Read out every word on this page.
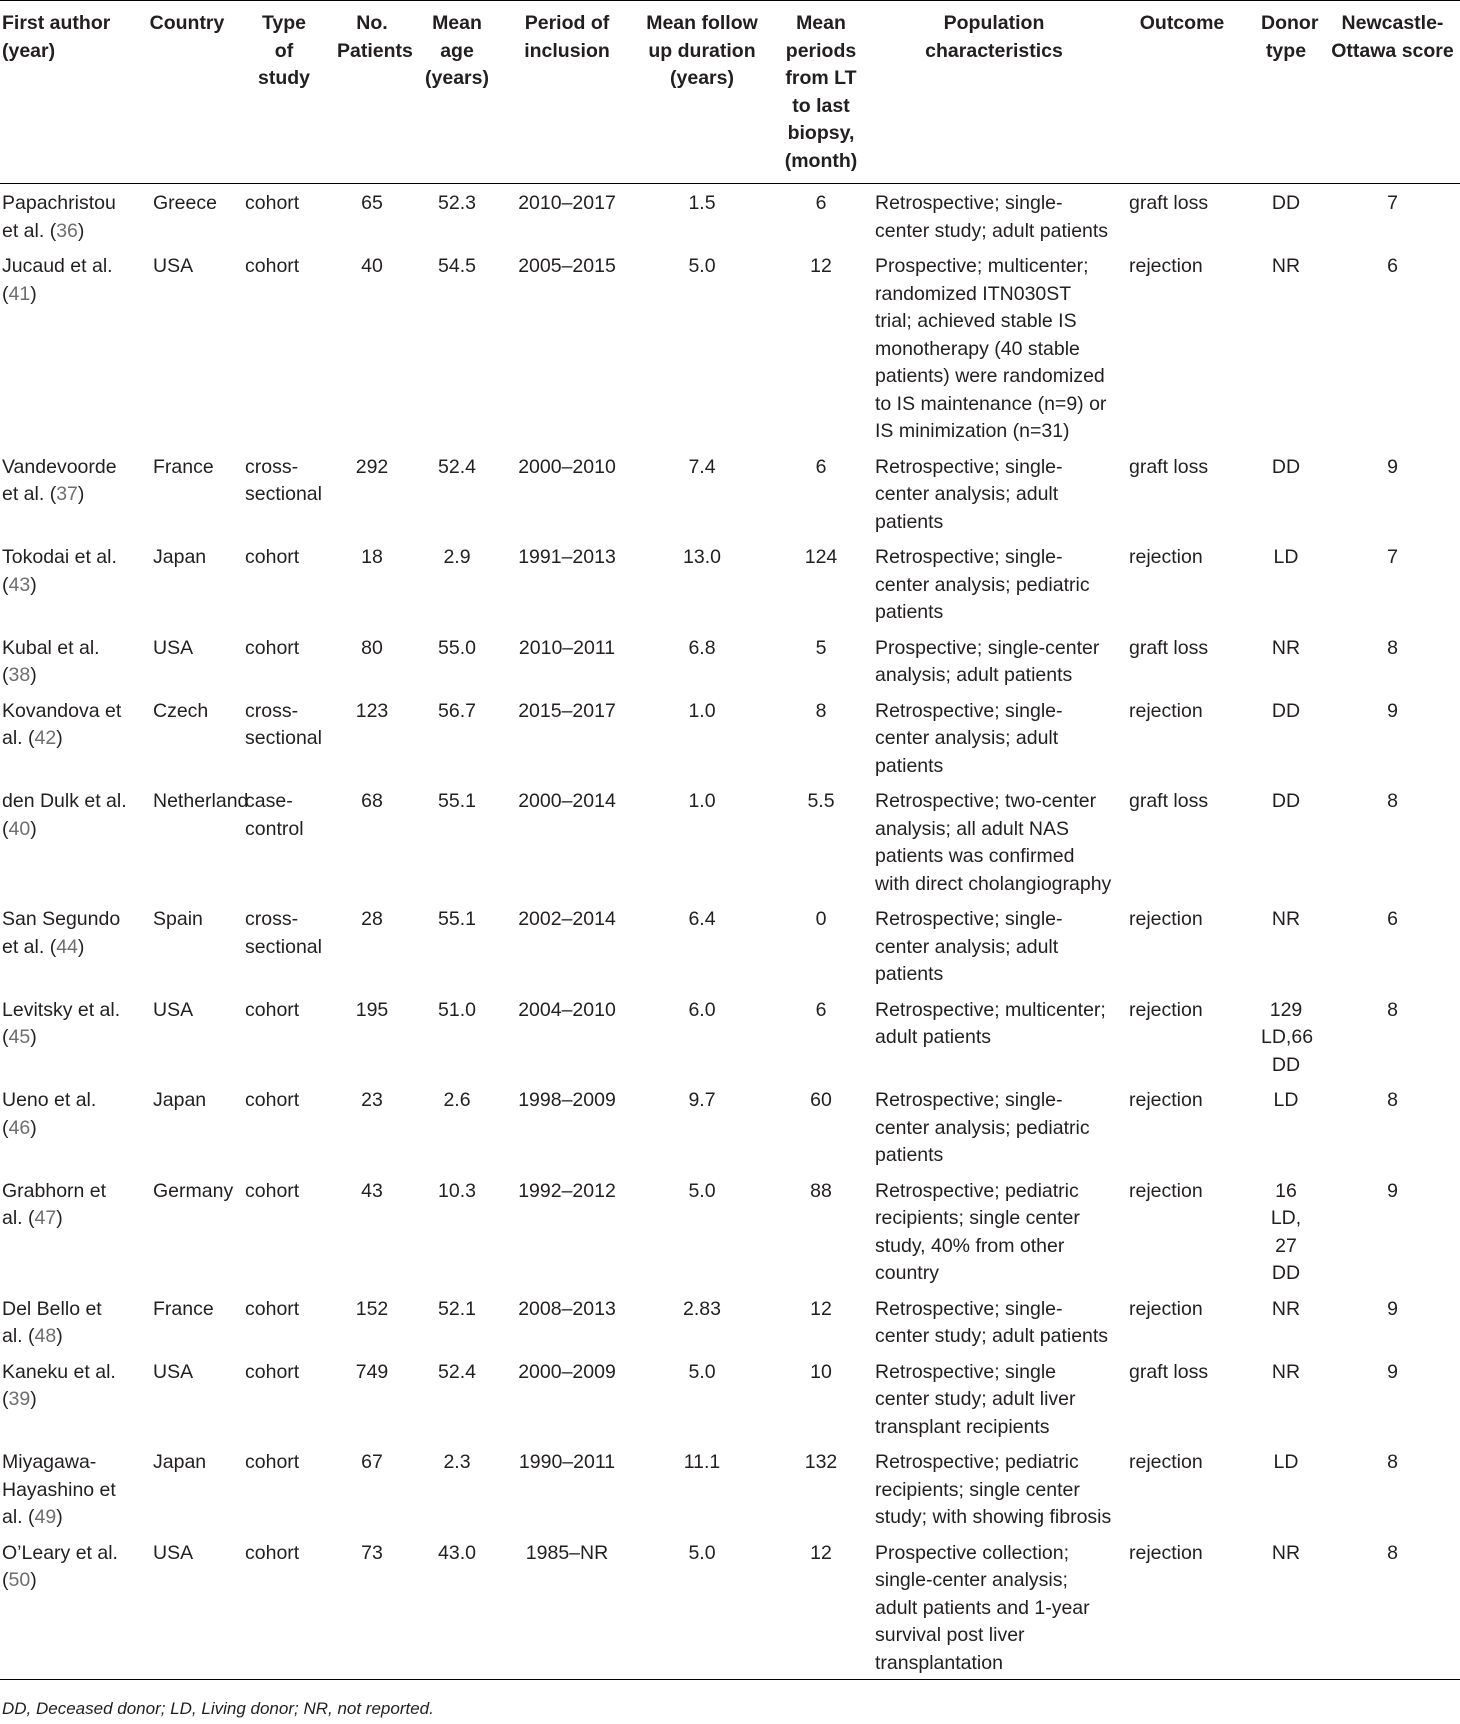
First author (year)	Country	Type of study	No. Patients	Mean age (years)	Period of inclusion	Mean follow up duration (years)	Mean periods from LT to last biopsy, (month)	Population characteristics	Outcome	Donor type	Newcastle-Ottawa score
Papachristou et al. (36)	Greece	cohort	65	52.3	2010–2017	1.5	6	Retrospective; single-center study; adult patients	graft loss	DD	7
Jucaud et al. (41)	USA	cohort	40	54.5	2005–2015	5.0	12	Prospective; multicenter; randomized ITN030ST trial; achieved stable IS monotherapy (40 stable patients) were randomized to IS maintenance (n=9) or IS minimization (n=31)	rejection	NR	6
Vandevoorde et al. (37)	France	cross-sectional	292	52.4	2000–2010	7.4	6	Retrospective; single-center analysis; adult patients	graft loss	DD	9
Tokodai et al. (43)	Japan	cohort	18	2.9	1991–2013	13.0	124	Retrospective; single-center analysis; pediatric patients	rejection	LD	7
Kubal et al. (38)	USA	cohort	80	55.0	2010–2011	6.8	5	Prospective; single-center analysis; adult patients	graft loss	NR	8
Kovandova et al. (42)	Czech	cross-sectional	123	56.7	2015–2017	1.0	8	Retrospective; single-center analysis; adult patients	rejection	DD	9
den Dulk et al. (40)	Netherland	case-control	68	55.1	2000–2014	1.0	5.5	Retrospective; two-center analysis; all adult NAS patients was confirmed with direct cholangiography	graft loss	DD	8
San Segundo et al. (44)	Spain	cross-sectional	28	55.1	2002–2014	6.4	0	Retrospective; single-center analysis; adult patients	rejection	NR	6
Levitsky et al. (45)	USA	cohort	195	51.0	2004–2010	6.0	6	Retrospective; multicenter; adult patients	rejection	129 LD,66 DD	8
Ueno et al. (46)	Japan	cohort	23	2.6	1998–2009	9.7	60	Retrospective; single-center analysis; pediatric patients	rejection	LD	8
Grabhorn et al. (47)	Germany	cohort	43	10.3	1992–2012	5.0	88	Retrospective; pediatric recipients; single center study, 40% from other country	rejection	16 LD, 27 DD	9
Del Bello et al. (48)	France	cohort	152	52.1	2008–2013	2.83	12	Retrospective; single-center study; adult patients	rejection	NR	9
Kaneku et al. (39)	USA	cohort	749	52.4	2000–2009	5.0	10	Retrospective; single center study; adult liver transplant recipients	graft loss	NR	9
Miyagawa-Hayashino et al. (49)	Japan	cohort	67	2.3	1990–2011	11.1	132	Retrospective; pediatric recipients; single center study; with showing fibrosis	rejection	LD	8
O’Leary et al. (50)	USA	cohort	73	43.0	1985–NR	5.0	12	Prospective collection; single-center analysis; adult patients and 1-year survival post liver transplantation	rejection	NR	8
DD, Deceased donor; LD, Living donor; NR, not reported.
